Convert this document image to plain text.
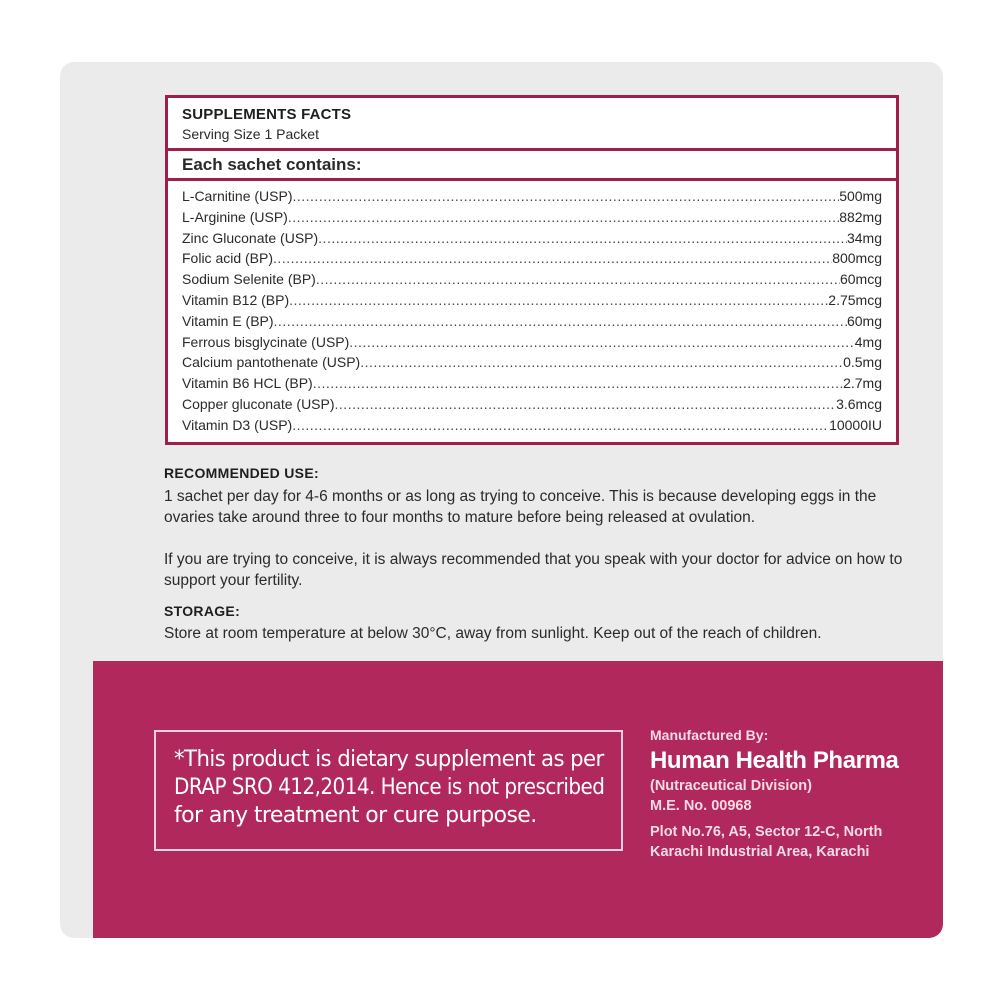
SUPPLEMENTS FACTS
Serving Size 1 Packet
Each sachet contains:
L-Carnitine (USP) .....	500mg
L-Arginine (USP) .....	882mg
Zinc Gluconate (USP) .....	34mg
Folic acid (BP) .....	800mcg
Sodium Selenite (BP) .....	60mcg
Vitamin B12 (BP) .....	2.75mcg
Vitamin E (BP) .....	60mg
Ferrous bisglycinate (USP) .....	4mg
Calcium pantothenate (USP) .....	0.5mg
Vitamin B6 HCL (BP) .....	2.7mg
Copper gluconate (USP) .....	3.6mcg
Vitamin D3 (USP) .....	10000IU
RECOMMENDED USE:
1 sachet per day for 4-6 months or as long as trying to conceive. This is because developing eggs in the ovaries take around three to four months to mature before being released at ovulation.
If you are trying to conceive, it is always recommended that you speak with your doctor for advice on how to support your fertility.
STORAGE:
Store at room temperature at below 30°C, away from sunlight. Keep out of the reach of children.
*This product is dietary supplement as per
DRAP SRO 412,2014. Hence is not prescribed
for any treatment or cure purpose.
Manufactured By:
Human Health Pharma
(Nutraceutical Division)
M.E. No. 00968
Plot No.76, A5, Sector 12-C, North
Karachi Industrial Area, Karachi
